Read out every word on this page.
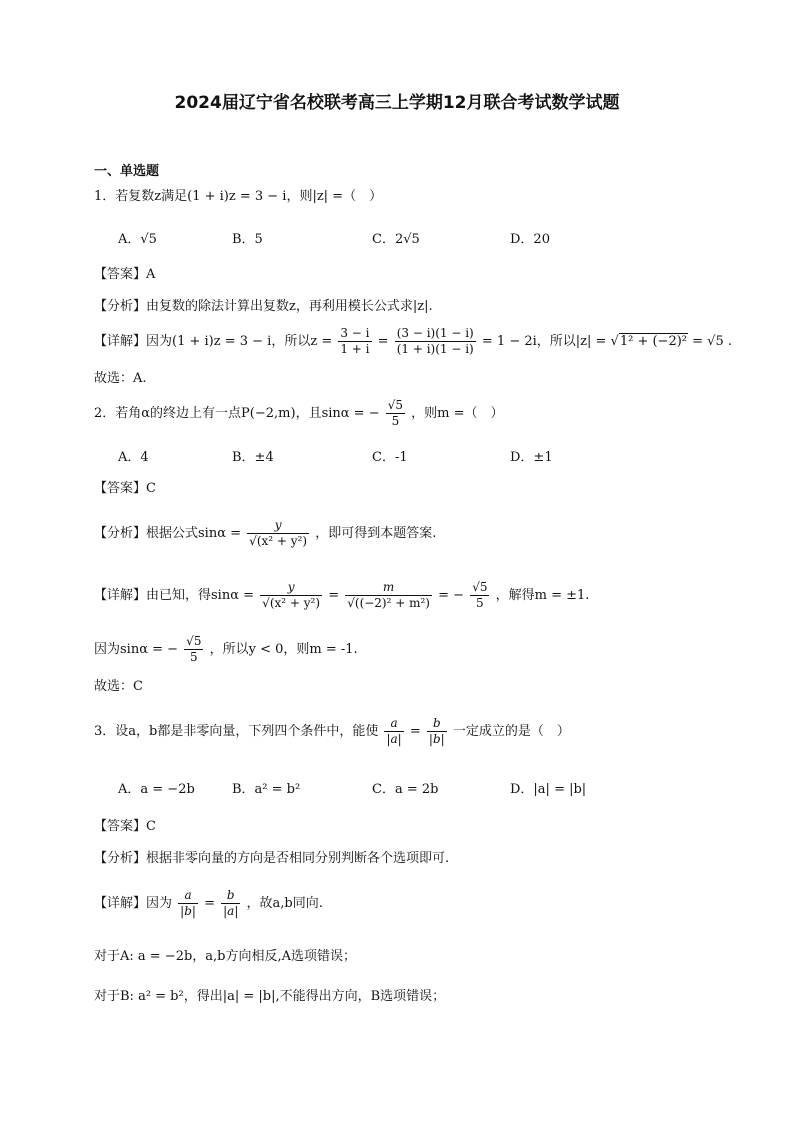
2024届辽宁省名校联考高三上学期12月联合考试数学试题
一、单选题
1．若复数z满足(1 + i)z = 3 − i，则|z| =（　）
A．√5	B．5	C．2√5	D．20
【答案】A
【分析】由复数的除法计算出复数z，再利用模长公式求|z|.
【详解】因为(1 + i)z = 3 − i，所以$z = \frac{3 - i}{1 + i} = \frac{(3 - i)(1 - i)}{(1 + i)(1 - i)} = 1 - 2i$，所以|z| = √1² + (−2)² = √5 .
故选：A.
2．若角α的终边上有一点P(−2,m)，且sinα = − $\frac{√5}{5}$ ，则m =（　）
A．4	B．±4	C．-1	D．±1
【答案】C
【分析】根据公式$\sin\alpha = \frac{y}{\text{√(x² + y²)}}$ ，即可得到本题答案.
【详解】由已知，得$\sin\alpha = \frac{y}{\text{√(x² + y²)}} = \frac{m}{\text{√((−2)² + m²)}}$ = − $\frac{√5}{5}$ ，解得m = ±1.
因为sinα = − $\frac{√5}{5}$ ，所以y < 0，则m = -1.
故选：C
3．设a，b都是非零向量，下列四个条件中，能使 $\frac{a}{|a|} = \frac{b}{|b|}$ 一定成立的是（　）
A．a = −2b	B．a² = b²	C．a = 2b	D．|a| = |b|
【答案】C
【分析】根据非零向量的方向是否相同分别判断各个选项即可.
【详解】因为 $\frac{a}{|b|} = \frac{b}{|a|}$ ，故a,b同向.
对于A: a = −2b，a,b方向相反,A选项错误；
对于B: a² = b²，得出|a| = |b|,不能得出方向，B选项错误；
